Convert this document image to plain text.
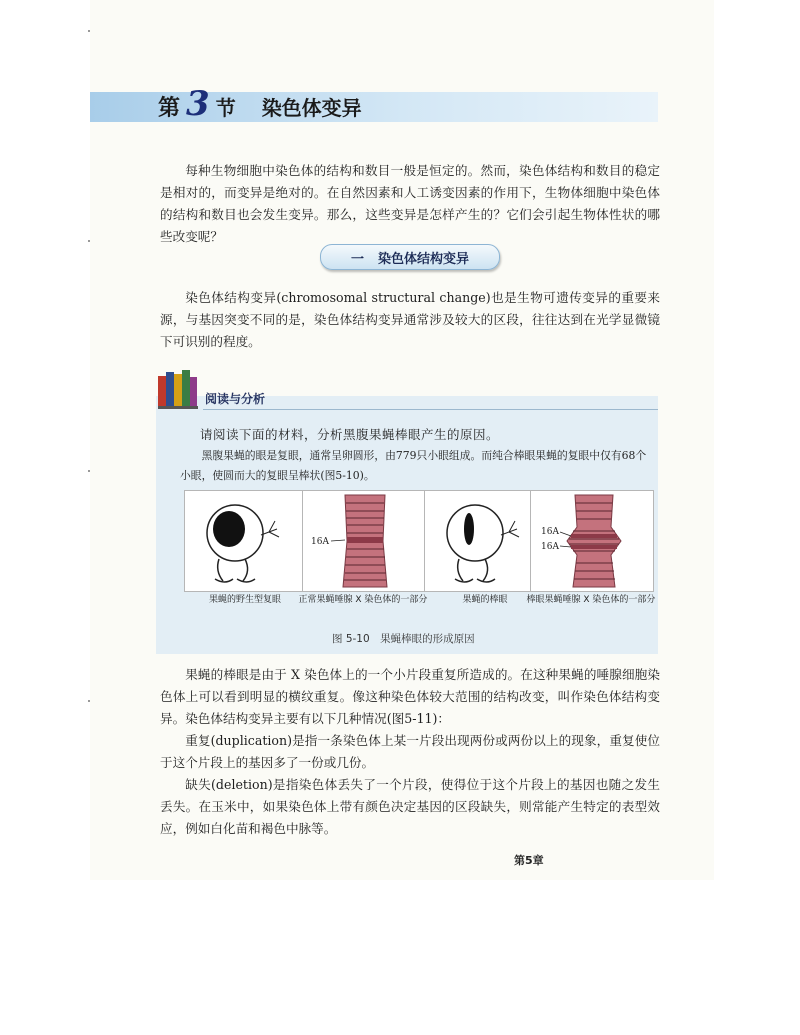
第 3 节 染色体变异

每种生物细胞中染色体的结构和数目一般是恒定的。然而，染色体结构和数目的稳定是相对的，而变异是绝对的。在自然因素和人工诱变因素的作用下，生物体细胞中染色体的结构和数目也会发生变异。那么，这些变异是怎样产生的？它们会引起生物体性状的哪些改变呢？

一 染色体结构变异

染色体结构变异(chromosomal structural change)也是生物可遗传变异的重要来源，与基因突变不同的是，染色体结构变异通常涉及较大的区段，往往达到在光学显微镜下可识别的程度。

阅读与分析
请阅读下面的材料，分析黑腹果蝇棒眼产生的原因。
黑腹果蝇的眼是复眼，通常呈卵圆形，由779只小眼组成。而纯合棒眼果蝇的复眼中仅有68个小眼，使圆而大的复眼呈棒状(图5-10)。
果蝇的野生型复眼
16A
正常果蝇唾腺 X 染色体的一部分	果蝇的棒眼
16A
16A
棒眼果蝇唾腺 X 染色体的一部分
图 5-10　果蝇棒眼的形成原因

果蝇的棒眼是由于 X 染色体上的一个小片段重复所造成的。在这种果蝇的唾腺细胞染色体上可以看到明显的横纹重复。像这种染色体较大范围的结构改变，叫作染色体结构变异。染色体结构变异主要有以下几种情况(图5-11)：

重复(duplication)是指一条染色体上某一片段出现两份或两份以上的现象，重复使位于这个片段上的基因多了一份或几份。

缺失(deletion)是指染色体丢失了一个片段，使得位于这个片段上的基因也随之发生丢失。在玉米中，如果染色体上带有颜色决定基因的区段缺失，则常能产生特定的表型效应，例如白化苗和褐色中脉等。

第5章
